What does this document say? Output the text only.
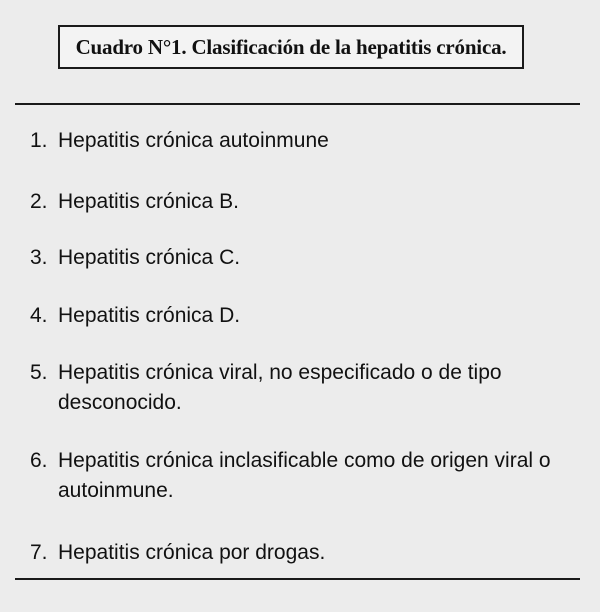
Cuadro N°1. Clasificación de la hepatitis crónica.
1. Hepatitis crónica autoinmune
2. Hepatitis crónica B.
3. Hepatitis crónica C.
4. Hepatitis crónica D.
5. Hepatitis crónica viral, no especificado o de tipo desconocido.
6. Hepatitis crónica inclasificable como de origen viral o autoinmune.
7. Hepatitis crónica por drogas.
